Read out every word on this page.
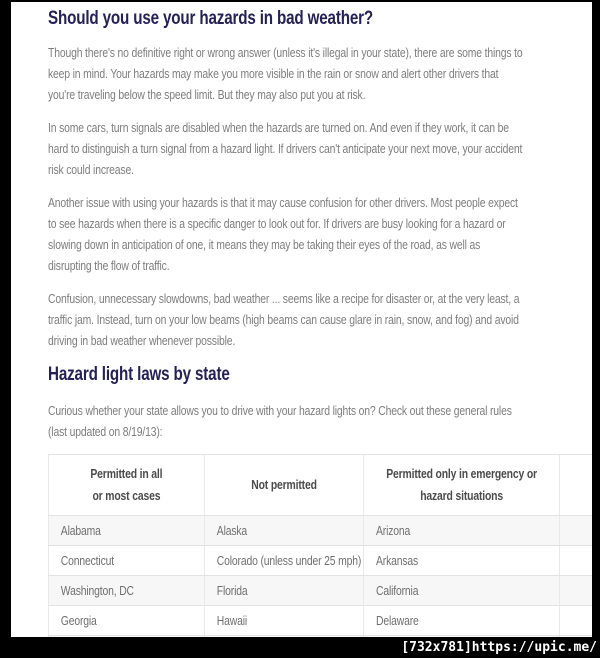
Should you use your hazards in bad weather?

Though there's no definitive right or wrong answer (unless it's illegal in your state), there are some things to
keep in mind. Your hazards may make you more visible in the rain or snow and alert other drivers that
you're traveling below the speed limit. But they may also put you at risk.

In some cars, turn signals are disabled when the hazards are turned on. And even if they work, it can be
hard to distinguish a turn signal from a hazard light. If drivers can't anticipate your next move, your accident
risk could increase.

Another issue with using your hazards is that it may cause confusion for other drivers. Most people expect
to see hazards when there is a specific danger to look out for. If drivers are busy looking for a hazard or
slowing down in anticipation of one, it means they may be taking their eyes of the road, as well as
disrupting the flow of traffic.

Confusion, unnecessary slowdowns, bad weather ... seems like a recipe for disaster or, at the very least, a
traffic jam. Instead, turn on your low beams (high beams can cause glare in rain, snow, and fog) and avoid
driving in bad weather whenever possible.

Hazard light laws by state

Curious whether your state allows you to drive with your hazard lights on? Check out these general rules
(last updated on 8/19/13):

Permitted in all
or most cases	Not permitted	Permitted only in emergency or
hazard situations	
Alabama	Alaska	Arizona	
Connecticut	Colorado (unless under 25 mph)	Arkansas	
Washington, DC	Florida	California	
Georgia	Hawaii	Delaware	

[732x781]https://upic.me/
